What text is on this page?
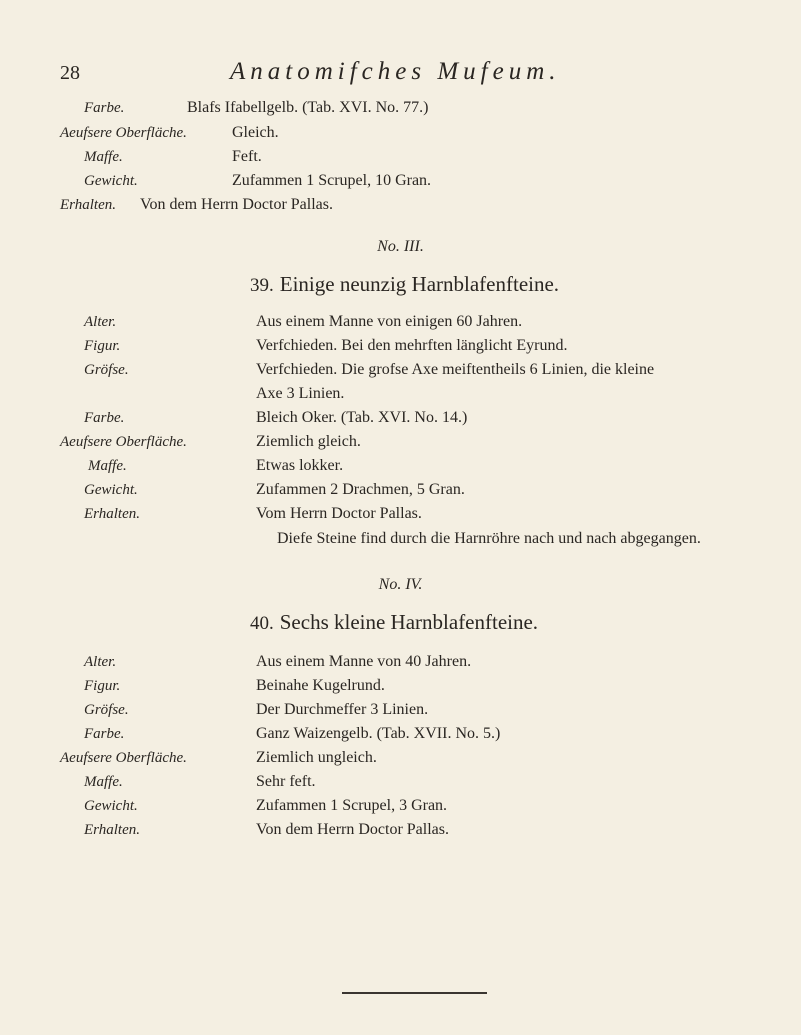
28	Anatomifches Mufeum.
Farbe.	Blafs Ifabellgelb. (Tab. XVI. No. 77.)
Aeufsere Oberfläche.	Gleich.
Maffe.	Feft.
Gewicht.	Zufammen 1 Scrupel, 10 Gran.
Erhalten. Von dem Herrn Doctor Pallas.
No. III.
39. Einige neunzig Harnblafenfteine.
Alter.	Aus einem Manne von einigen 60 Jahren.
Figur.	Verfchieden. Bei den mehrften länglicht Eyrund.
Gröfse.	Verfchieden. Die grofse Axe meiftentheils 6 Linien, die kleine
Axe 3 Linien.
Farbe.	Bleich Oker. (Tab. XVI. No. 14.)
Aeufsere Oberfläche.	Ziemlich gleich.
Maffe.	Etwas lokker.
Gewicht.	Zufammen 2 Drachmen, 5 Gran.
Erhalten.	Vom Herrn Doctor Pallas.
Diefe Steine find durch die Harnröhre nach und nach abgegangen.
No. IV.
40. Sechs kleine Harnblafenfteine.
Alter.	Aus einem Manne von 40 Jahren.
Figur.	Beinahe Kugelrund.
Gröfse.	Der Durchmeffer 3 Linien.
Farbe.	Ganz Waizengelb. (Tab. XVII. No. 5.)
Aeufsere Oberfläche.	Ziemlich ungleich.
Maffe.	Sehr feft.
Gewicht.	Zufammen 1 Scrupel, 3 Gran.
Erhalten.	Von dem Herrn Doctor Pallas.
